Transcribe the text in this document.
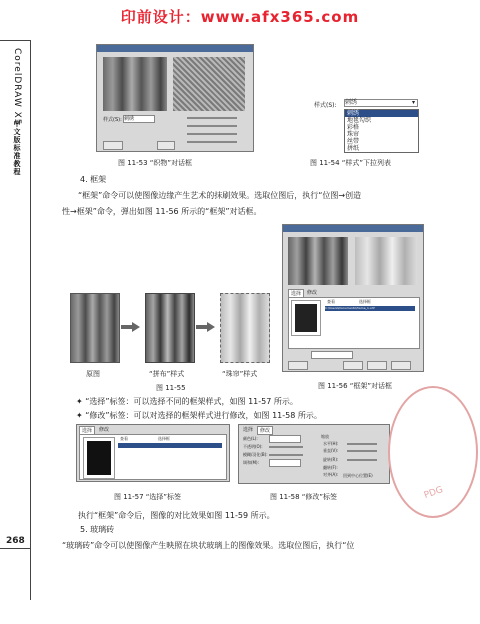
印前设计：www.afx365.com
CorelDRAW X5
中文版标准教程
268
样式(S): 刺绣
图 11-53 “织物”对话框
样式(S): 刺绣	▾
刺绣
地毯勾织
彩格
珠帘
丝带
拼纸
图 11-54 “样式”下拉列表
4. 框架
“框架”命令可以使图像边缘产生艺术的抹刷效果。选取位图后，执行“位图→创造
性→框架”命令，弹出如图 11-56 所示的“框架”对话框。
原图	“拼布”样式	“珠帘”样式
图 11-55
选择	修改
查看	选择框
C:\Users\Documents\frame_1.cdf
图 11-56 “框架”对话框
✦ “选择”标签：可以选择不同的框架样式，如图 11-57 所示。
✦ “修改”标签：可以对选择的框架样式进行修改，如图 11-58 所示。
选择	修改
查看	选择框
图 11-57 “选择”标签
选择	修改
颜色(L):
不透明(O):
模糊/羽化(B):
调和(M):
缩放
水平(H):
垂直(V):
旋转(R):
翻转(F):
对齐(A): 回到中心位置(E)
图 11-58 “修改”标签
执行“框架”命令后，图像的对比效果如图 11-59 所示。
5. 玻璃砖
“玻璃砖”命令可以使图像产生映照在块状玻璃上的图像效果。选取位图后，执行“位
PDG
